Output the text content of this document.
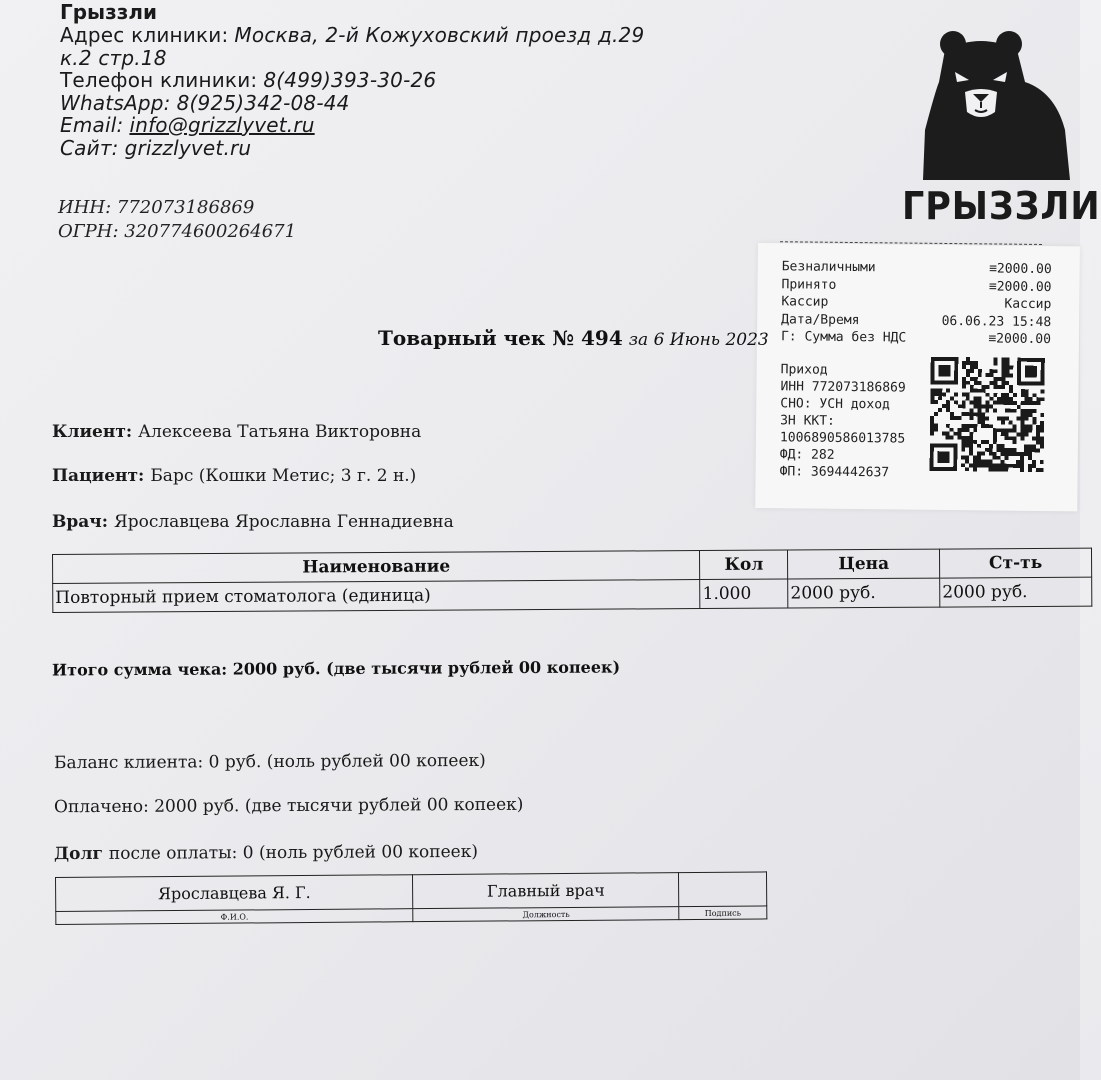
Грыззли
Адрес клиники: Москва, 2-й Кожуховский проезд д.29
к.2 стр.18
Телефон клиники: 8(499)393-30-26
WhatsApp: 8(925)342-08-44
Email: info@grizzlyvet.ru
Сайт: grizzlyvet.ru
ИНН: 772073186869
ОГРН: 320774600264671
ГРЫЗЗЛИ
Безналичными	≡2000.00
Принято	≡2000.00
Кассир	Кассир
Дата/Время	06.06.23 15:48
Г: Сумма без НДС	≡2000.00
Приход
ИНН 772073186869
СНО: УСН доход
ЗН ККТ:
1006890586013785
ФД: 282
ФП: 3694442637
Товарный чек № 494 за 6 Июнь 2023
Клиент: Алексеева Татьяна Викторовна
Пациент: Барс (Кошки Метис; 3 г. 2 н.)
Врач: Ярославцева Ярославна Геннадиевна
Наименование	Кол	Цена	Ст-ть
Повторный прием стоматолога (единица)	1.000	2000 руб.	2000 руб.
Итого сумма чека: 2000 руб. (две тысячи рублей 00 копеек)
Баланс клиента: 0 руб. (ноль рублей 00 копеек)
Оплачено: 2000 руб. (две тысячи рублей 00 копеек)
Долг после оплаты: 0 (ноль рублей 00 копеек)
Ярославцева Я. Г.	Главный врач	
Ф.И.О.	Должность	Подпись
